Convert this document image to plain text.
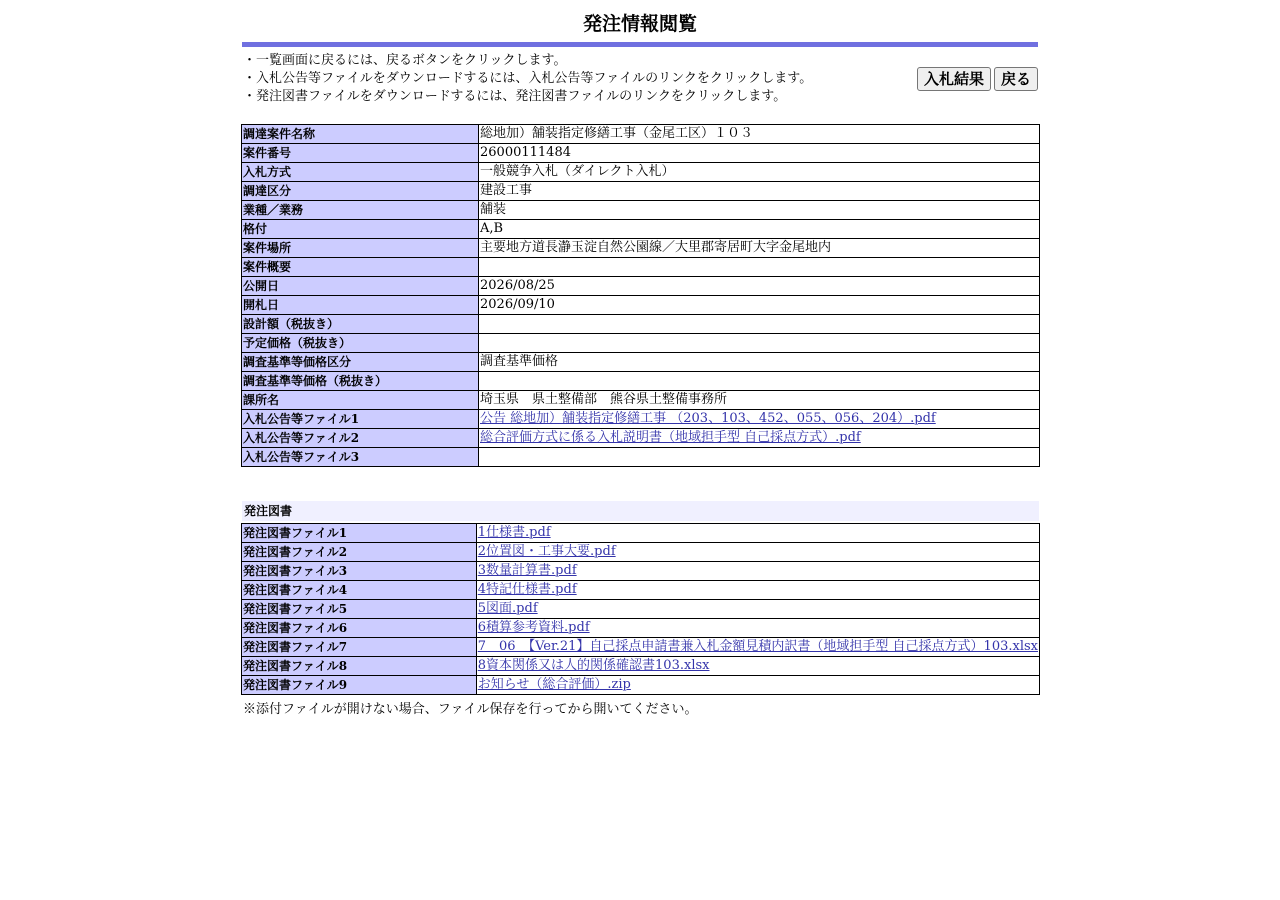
発注情報閲覧
・一覧画面に戻るには、戻るボタンをクリックします。
・入札公告等ファイルをダウンロードするには、入札公告等ファイルのリンクをクリックします。
・発注図書ファイルをダウンロードするには、発注図書ファイルのリンクをクリックします。
入札結果	戻る
調達案件名称	総地加）舗装指定修繕工事（金尾工区）１０３
案件番号	26000111484
入札方式	一般競争入札（ダイレクト入札）
調達区分	建設工事
業種／業務	舗装
格付	A,B
案件場所	主要地方道長瀞玉淀自然公園線／大里郡寄居町大字金尾地内
案件概要	
公開日	2026/08/25
開札日	2026/09/10
設計額（税抜き）	
予定価格（税抜き）	
調査基準等価格区分	調査基準価格
調査基準等価格（税抜き）	
課所名	埼玉県　県土整備部　熊谷県土整備事務所
入札公告等ファイル1	公告 総地加）舗装指定修繕工事 （203、103、452、055、056、204）.pdf
入札公告等ファイル2	総合評価方式に係る入札説明書（地域担手型 自己採点方式）.pdf
入札公告等ファイル3	
発注図書
発注図書ファイル1	1仕様書.pdf
発注図書ファイル2	2位置図・工事大要.pdf
発注図書ファイル3	3数量計算書.pdf
発注図書ファイル4	4特記仕様書.pdf
発注図書ファイル5	5図面.pdf
発注図書ファイル6	6積算参考資料.pdf
発注図書ファイル7	7　06　【Ver.21】自己採点申請書兼入札金額見積内訳書（地域担手型 自己採点方式）103.xlsx
発注図書ファイル8	8資本関係又は人的関係確認書103.xlsx
発注図書ファイル9	お知らせ（総合評価）.zip
※添付ファイルが開けない場合、ファイル保存を行ってから開いてください。
